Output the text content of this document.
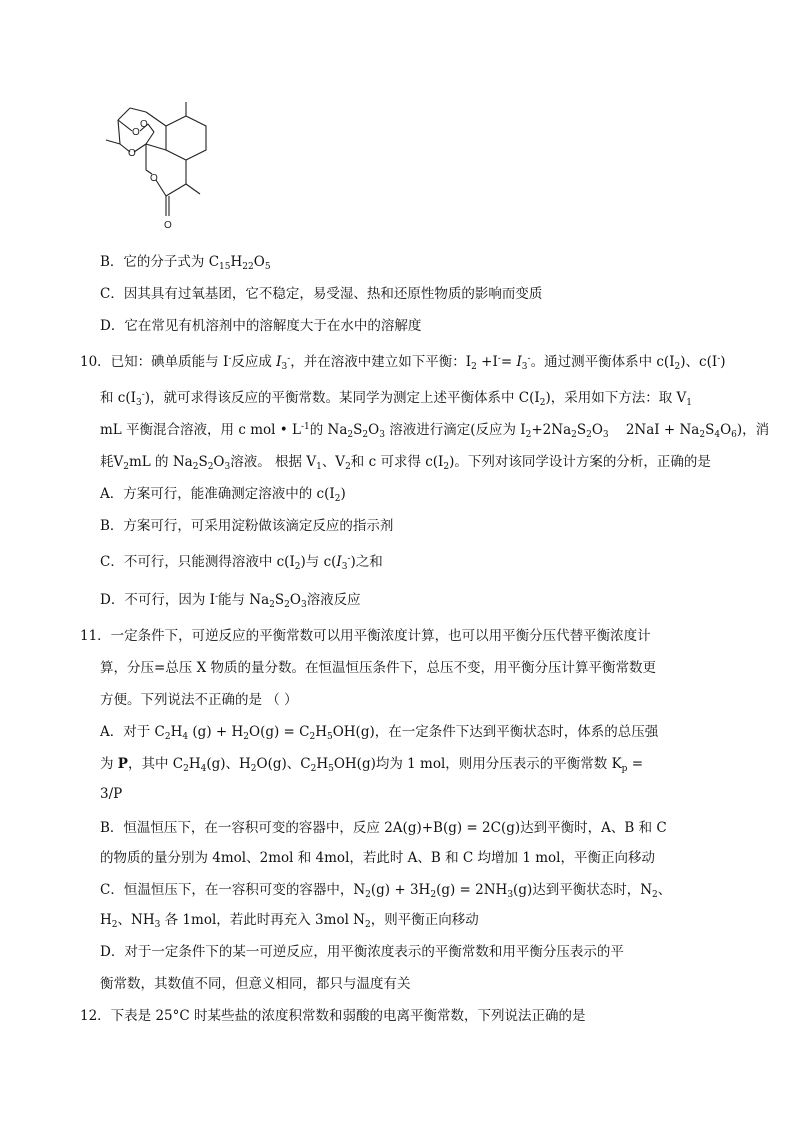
O
O
O
O
O
B．它的分子式为 $C_{15}H_{22}O_5$
C．因其具有过氧基团，它不稳定，易受湿、热和还原性物质的影响而变质
D．它在常见有机溶剂中的溶解度大于在水中的溶解度
10．已知：碘单质能与 I-反应成 $I_3^-$，并在溶液中建立如下平衡：$I_2 +I^-= I_3^-$。通过测平衡体系中 $c(I_2)$、c(I-)
和 $c(I_3^-)$，就可求得该反应的平衡常数。某同学为测定上述平衡体系中 $C(I_2)$，采用如下方法：取 $V_1$
mL 平衡混合溶液，用 c mol • $L^{-1}$的 $Na_2S_2O_3$ 溶液进行滴定(反应为 $I_2+2Na_2S_2O_3$    $2NaI + Na_2S_4O_6$)，消
耗$V_2mL$ 的 $Na_2S_2O_3$溶液。 根据 $V_1$、$V_2$和 c 可求得 $c(I_2)$。下列对该同学设计方案的分析，正确的是
A．方案可行，能准确测定溶液中的 $c(I_2)$
B．方案可行，可采用淀粉做该滴定反应的指示剂
C．不可行，只能测得溶液中 $c(I_2)$与 $c(I_3^-)$之和
D．不可行，因为 I-能与 $Na_2S_2O_3$溶液反应
11．一定条件下，可逆反应的平衡常数可以用平衡浓度计算，也可以用平衡分压代替平衡浓度计
算，分压=总压 X 物质的量分数。在恒温恒压条件下，总压不变，用平衡分压计算平衡常数更
方便。下列说法不正确的是 （ ）
A．对于 $C_2H_4$ $(g) + H_2O(g) = C_2H_5OH(g)$，在一定条件下达到平衡状态时，体系的总压强
为 P，其中 $C_2H_4(g)$、$H_2O(g)$、$C_2H_5OH(g)$均为 1 mol，则用分压表示的平衡常数 $K_p$ =
3/P
B．恒温恒压下，在一容积可变的容器中，反应 2A(g)+B(g) = 2C(g)达到平衡时，A、B 和 C
的物质的量分别为 4mol、2mol 和 4mol，若此时 A、B 和 C 均增加 1 mol，平衡正向移动
C．恒温恒压下，在一容积可变的容器中，$N_2(g) + 3H_2(g) = 2NH_3(g)$达到平衡状态时，$N_2$、
$H_2$、$NH_3$ 各 1mol，若此时再充入 3mol $N_2$，则平衡正向移动
D．对于一定条件下的某一可逆反应，用平衡浓度表示的平衡常数和用平衡分压表示的平
衡常数，其数值不同，但意义相同，都只与温度有关
12．下表是 25°C 时某些盐的浓度积常数和弱酸的电离平衡常数，下列说法正确的是
